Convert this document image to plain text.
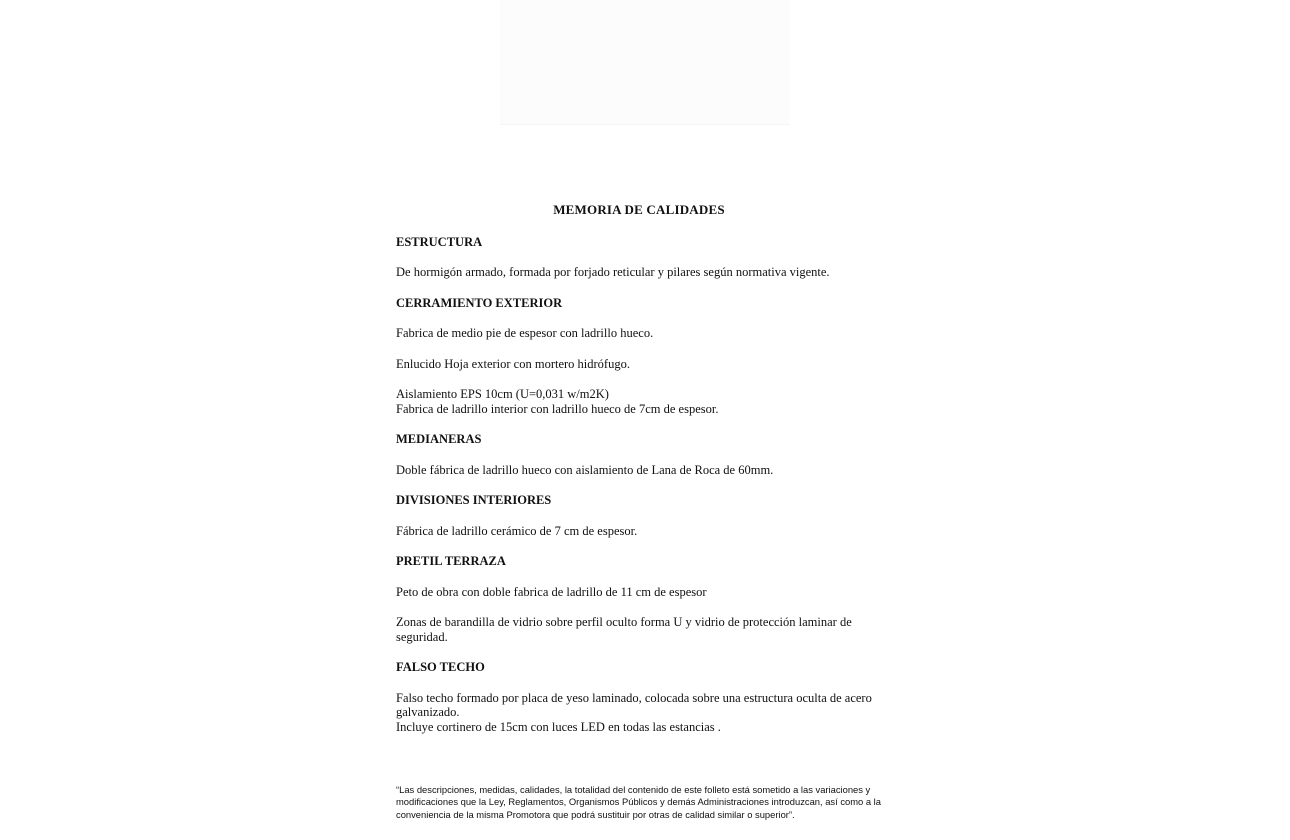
MEMORIA DE CALIDADES
ESTRUCTURA
De hormigón armado, formada por forjado reticular y pilares según normativa vigente.
CERRAMIENTO EXTERIOR
Fabrica de medio pie de espesor con ladrillo hueco.
Enlucido Hoja exterior con mortero hidrófugo.
Aislamiento EPS 10cm (U=0,031 w/m2K)
Fabrica de ladrillo interior con ladrillo hueco de 7cm de espesor.
MEDIANERAS
Doble fábrica de ladrillo hueco con aislamiento de Lana de Roca de 60mm.
DIVISIONES INTERIORES
Fábrica de ladrillo cerámico de 7 cm de espesor.
PRETIL TERRAZA
Peto de obra con doble fabrica de ladrillo de 11 cm de espesor
Zonas de barandilla de vidrio sobre perfil oculto forma U y vidrio de protección laminar de seguridad.
FALSO TECHO
Falso techo formado por placa de yeso laminado, colocada sobre una estructura oculta de acero galvanizado.
Incluye cortinero de 15cm con luces LED en todas las estancias .
“Las descripciones, medidas, calidades, la totalidad del contenido de este folleto está sometido a las variaciones y modificaciones que la Ley, Reglamentos, Organismos Públicos y demás Administraciones introduzcan, así como a la conveniencia de la misma Promotora que podrá sustituir por otras de calidad similar o superior”.
